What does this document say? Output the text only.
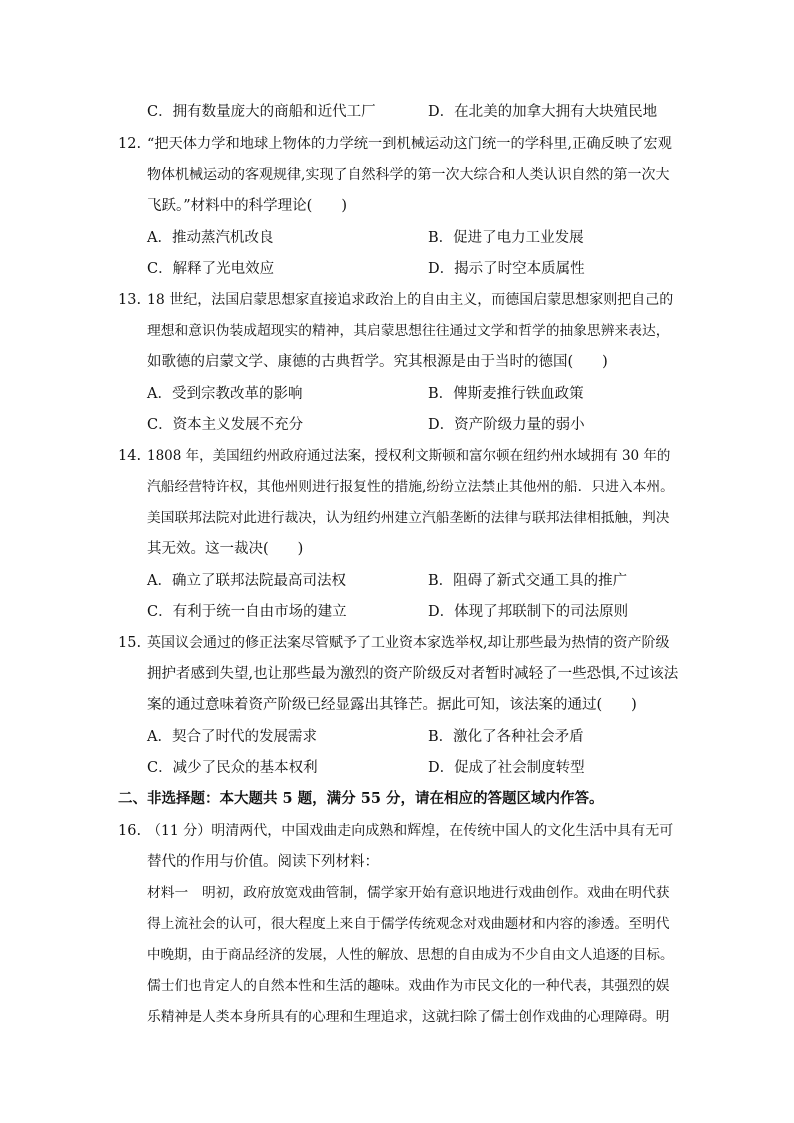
C．拥有数量庞大的商船和近代工厂	D．在北美的加拿大拥有大块殖民地
12. “把天体力学和地球上物体的力学统一到机械运动这门统一的学科里,正确反映了宏观
物体机械运动的客观规律,实现了自然科学的第一次大综合和人类认识自然的第一次大
飞跃。”材料中的科学理论(　　)
A．推动蒸汽机改良	B．促进了电力工业发展
C．解释了光电效应	D．揭示了时空本质属性
13. 18 世纪，法国启蒙思想家直接追求政治上的自由主义，而德国启蒙思想家则把自己的
理想和意识伪装成超现实的精神，其启蒙思想往往通过文学和哲学的抽象思辨来表达，
如歌德的启蒙文学、康德的古典哲学。究其根源是由于当时的德国(　　)
A．受到宗教改革的影响	B．俾斯麦推行铁血政策
C．资本主义发展不充分	D．资产阶级力量的弱小
14. 1808 年，美国纽约州政府通过法案，授权利文斯顿和富尔顿在纽约州水域拥有 30 年的
汽船经营特许权，其他州则进行报复性的措施,纷纷立法禁止其他州的船．只进入本州。
美国联邦法院对此进行裁决，认为纽约州建立汽船垄断的法律与联邦法律相抵触，判决
其无效。这一裁决(　　)
A．确立了联邦法院最高司法权	B．阻碍了新式交通工具的推广
C．有利于统一自由市场的建立	D．体现了邦联制下的司法原则
15. 英国议会通过的修正法案尽管赋予了工业资本家选举权,却让那些最为热情的资产阶级
拥护者感到失望,也让那些最为激烈的资产阶级反对者暂时减轻了一些恐惧,不过该法
案的通过意味着资产阶级已经显露出其锋芒。据此可知，该法案的通过(　　)
A．契合了时代的发展需求	B．激化了各种社会矛盾
C．减少了民众的基本权利	D．促成了社会制度转型
二、非选择题：本大题共 5 题，满分 55 分，请在相应的答题区域内作答。
16. （11 分）明清两代，中国戏曲走向成熟和辉煌，在传统中国人的文化生活中具有无可
替代的作用与价值。阅读下列材料：
材料一　明初，政府放宽戏曲管制，儒学家开始有意识地进行戏曲创作。戏曲在明代获
得上流社会的认可，很大程度上来自于儒学传统观念对戏曲题材和内容的渗透。至明代
中晚期，由于商品经济的发展，人性的解放、思想的自由成为不少自由文人追逐的目标。
儒士们也肯定人的自然本性和生活的趣味。戏曲作为市民文化的一种代表，其强烈的娱
乐精神是人类本身所具有的心理和生理追求，这就扫除了儒士创作戏曲的心理障碍。明
